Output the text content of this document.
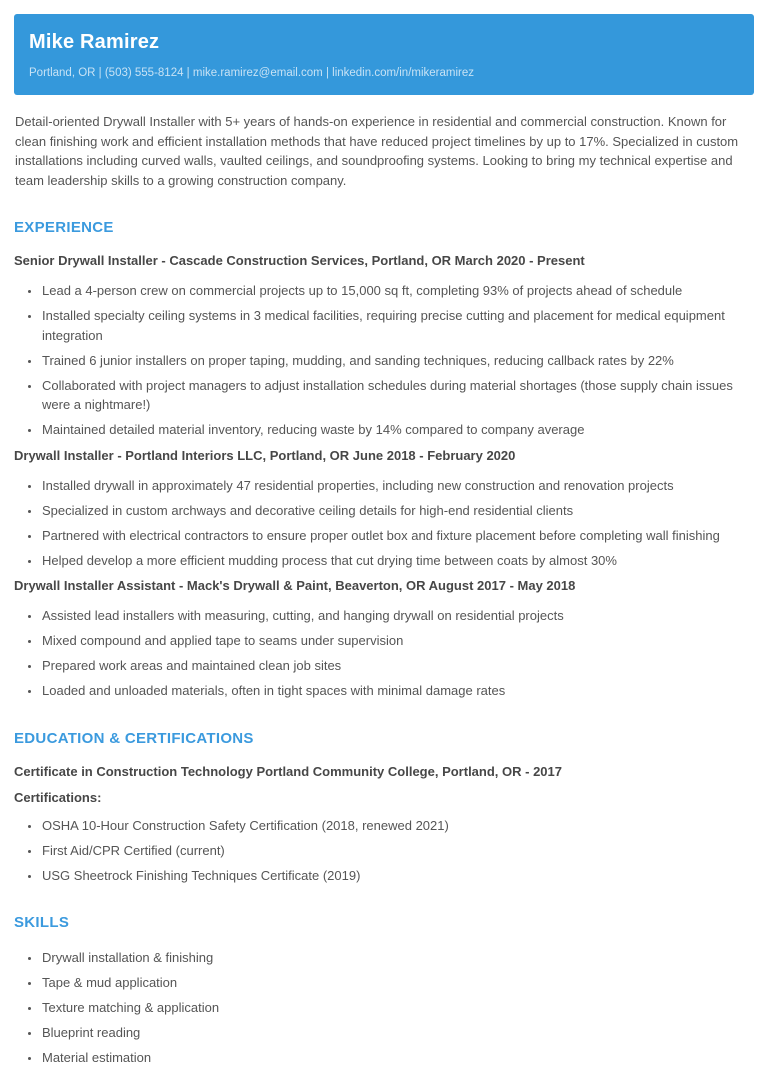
Mike Ramirez

Portland, OR | (503) 555-8124 | mike.ramirez@email.com | linkedin.com/in/mikeramirez

Detail-oriented Drywall Installer with 5+ years of hands-on experience in residential and commercial construction. Known for clean finishing work and efficient installation methods that have reduced project timelines by up to 17%. Specialized in custom installations including curved walls, vaulted ceilings, and soundproofing systems. Looking to bring my technical expertise and team leadership skills to a growing construction company.

EXPERIENCE

Senior Drywall Installer - Cascade Construction Services, Portland, OR March 2020 - Present

• Lead a 4-person crew on commercial projects up to 15,000 sq ft, completing 93% of projects ahead of schedule
• Installed specialty ceiling systems in 3 medical facilities, requiring precise cutting and placement for medical equipment integration
• Trained 6 junior installers on proper taping, mudding, and sanding techniques, reducing callback rates by 22%
• Collaborated with project managers to adjust installation schedules during material shortages (those supply chain issues were a nightmare!)
• Maintained detailed material inventory, reducing waste by 14% compared to company average

Drywall Installer - Portland Interiors LLC, Portland, OR June 2018 - February 2020

• Installed drywall in approximately 47 residential properties, including new construction and renovation projects
• Specialized in custom archways and decorative ceiling details for high-end residential clients
• Partnered with electrical contractors to ensure proper outlet box and fixture placement before completing wall finishing
• Helped develop a more efficient mudding process that cut drying time between coats by almost 30%

Drywall Installer Assistant - Mack's Drywall & Paint, Beaverton, OR August 2017 - May 2018

• Assisted lead installers with measuring, cutting, and hanging drywall on residential projects
• Mixed compound and applied tape to seams under supervision
• Prepared work areas and maintained clean job sites
• Loaded and unloaded materials, often in tight spaces with minimal damage rates
EDUCATION & CERTIFICATIONS

Certificate in Construction Technology Portland Community College, Portland, OR - 2017

Certifications:

• OSHA 10-Hour Construction Safety Certification (2018, renewed 2021)
• First Aid/CPR Certified (current)
• USG Sheetrock Finishing Techniques Certificate (2019)
SKILLS
• Drywall installation & finishing
• Tape & mud application
• Texture matching & application
• Blueprint reading
• Material estimation
